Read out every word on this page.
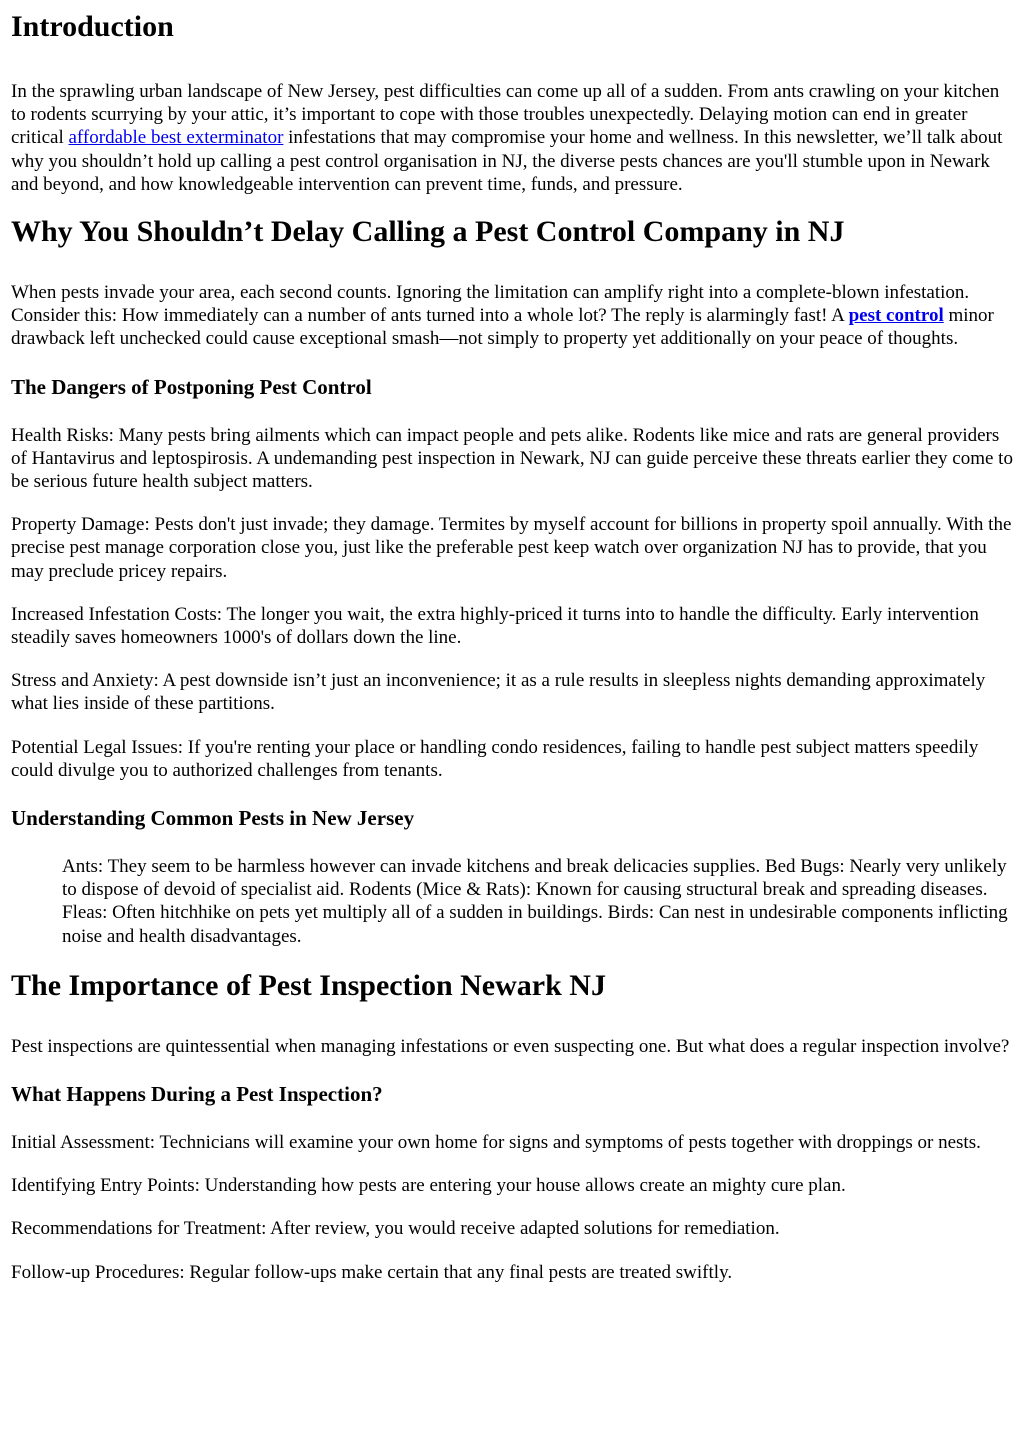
Introduction

In the sprawling urban landscape of New Jersey, pest difficulties can come up all of a sudden. From ants crawling on your kitchen to rodents scurrying by your attic, it’s important to cope with those troubles unexpectedly. Delaying motion can end in greater critical affordable best exterminator infestations that may compromise your home and wellness. In this newsletter, we’ll talk about why you shouldn’t hold up calling a pest control organisation in NJ, the diverse pests chances are you'll stumble upon in Newark and beyond, and how knowledgeable intervention can prevent time, funds, and pressure.

Why You Shouldn’t Delay Calling a Pest Control Company in NJ

When pests invade your area, each second counts. Ignoring the limitation can amplify right into a complete-blown infestation. Consider this: How immediately can a number of ants turned into a whole lot? The reply is alarmingly fast! A pest control minor drawback left unchecked could cause exceptional smash—not simply to property yet additionally on your peace of thoughts.

The Dangers of Postponing Pest Control

Health Risks: Many pests bring ailments which can impact people and pets alike. Rodents like mice and rats are general providers of Hantavirus and leptospirosis. A undemanding pest inspection in Newark, NJ can guide perceive these threats earlier they come to be serious future health subject matters.

Property Damage: Pests don't just invade; they damage. Termites by myself account for billions in property spoil annually. With the precise pest manage corporation close you, just like the preferable pest keep watch over organization NJ has to provide, that you may preclude pricey repairs.

Increased Infestation Costs: The longer you wait, the extra highly-priced it turns into to handle the difficulty. Early intervention steadily saves homeowners 1000's of dollars down the line.

Stress and Anxiety: A pest downside isn’t just an inconvenience; it as a rule results in sleepless nights demanding approximately what lies inside of these partitions.

Potential Legal Issues: If you're renting your place or handling condo residences, failing to handle pest subject matters speedily could divulge you to authorized challenges from tenants.

Understanding Common Pests in New Jersey

Ants: They seem to be harmless however can invade kitchens and break delicacies supplies. Bed Bugs: Nearly very unlikely to dispose of devoid of specialist aid. Rodents (Mice & Rats): Known for causing structural break and spreading diseases. Fleas: Often hitchhike on pets yet multiply all of a sudden in buildings. Birds: Can nest in undesirable components inflicting noise and health disadvantages.

The Importance of Pest Inspection Newark NJ

Pest inspections are quintessential when managing infestations or even suspecting one. But what does a regular inspection involve?

What Happens During a Pest Inspection?

Initial Assessment: Technicians will examine your own home for signs and symptoms of pests together with droppings or nests.

Identifying Entry Points: Understanding how pests are entering your house allows create an mighty cure plan.

Recommendations for Treatment: After review, you would receive adapted solutions for remediation.

Follow-up Procedures: Regular follow-ups make certain that any final pests are treated swiftly.
